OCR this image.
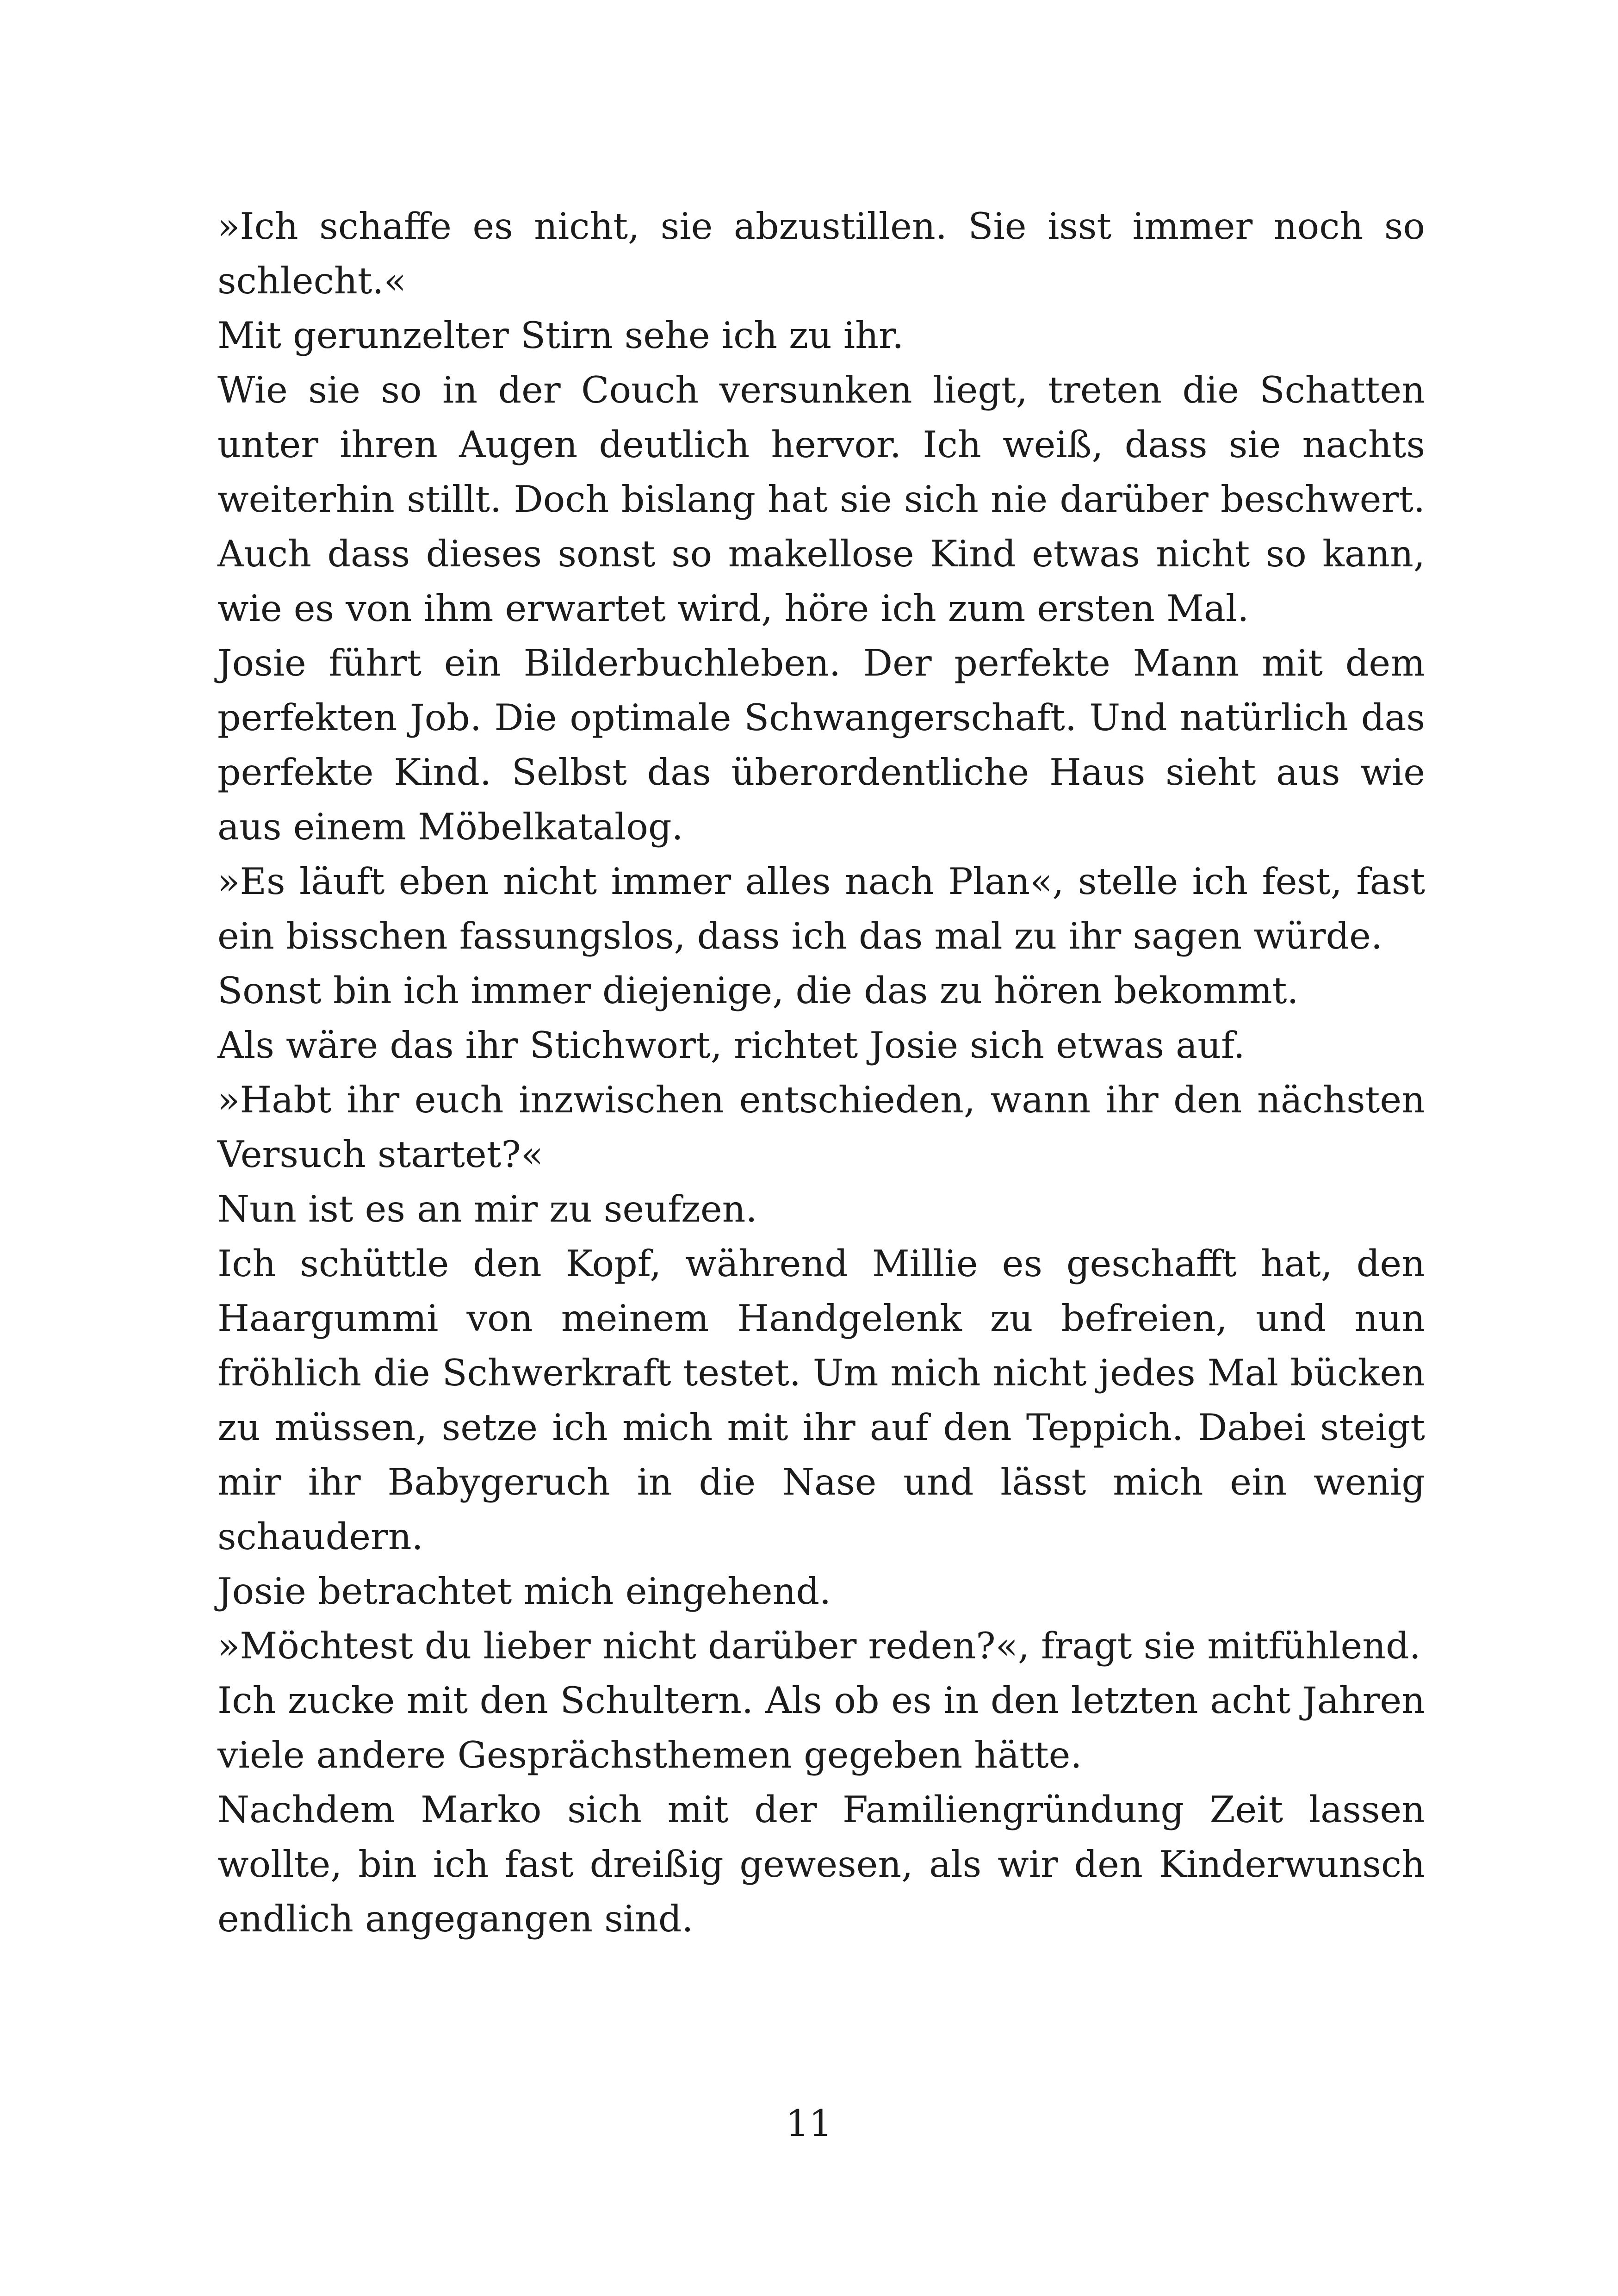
»Ich schaffe es nicht, sie abzustillen. Sie isst immer noch so schlecht.«

Mit gerunzelter Stirn sehe ich zu ihr.

Wie sie so in der Couch versunken liegt, treten die Schatten unter ihren Augen deutlich hervor. Ich weiß, dass sie nachts weiterhin stillt. Doch bislang hat sie sich nie darüber beschwert. Auch dass dieses sonst so makellose Kind etwas nicht so kann, wie es von ihm erwartet wird, höre ich zum ersten Mal.

Josie führt ein Bilderbuchleben. Der perfekte Mann mit dem perfekten Job. Die optimale Schwangerschaft. Und natürlich das perfekte Kind. Selbst das überordentliche Haus sieht aus wie aus einem Möbelkatalog.

»Es läuft eben nicht immer alles nach Plan«, stelle ich fest, fast ein bisschen fassungslos, dass ich das mal zu ihr sagen würde.

Sonst bin ich immer diejenige, die das zu hören bekommt.

Als wäre das ihr Stichwort, richtet Josie sich etwas auf.

»Habt ihr euch inzwischen entschieden, wann ihr den nächsten Versuch startet?«

Nun ist es an mir zu seufzen.

Ich schüttle den Kopf, während Millie es geschafft hat, den Haargummi von meinem Handgelenk zu befreien, und nun fröhlich die Schwerkraft testet. Um mich nicht jedes Mal bücken zu müssen, setze ich mich mit ihr auf den Teppich. Dabei steigt mir ihr Babygeruch in die Nase und lässt mich ein wenig schaudern.

Josie betrachtet mich eingehend.

»Möchtest du lieber nicht darüber reden?«, fragt sie mitfühlend.

Ich zucke mit den Schultern. Als ob es in den letzten acht Jahren viele andere Gesprächsthemen gegeben hätte.

Nachdem Marko sich mit der Familiengründung Zeit lassen wollte, bin ich fast dreißig gewesen, als wir den Kinderwunsch endlich angegangen sind.

11
